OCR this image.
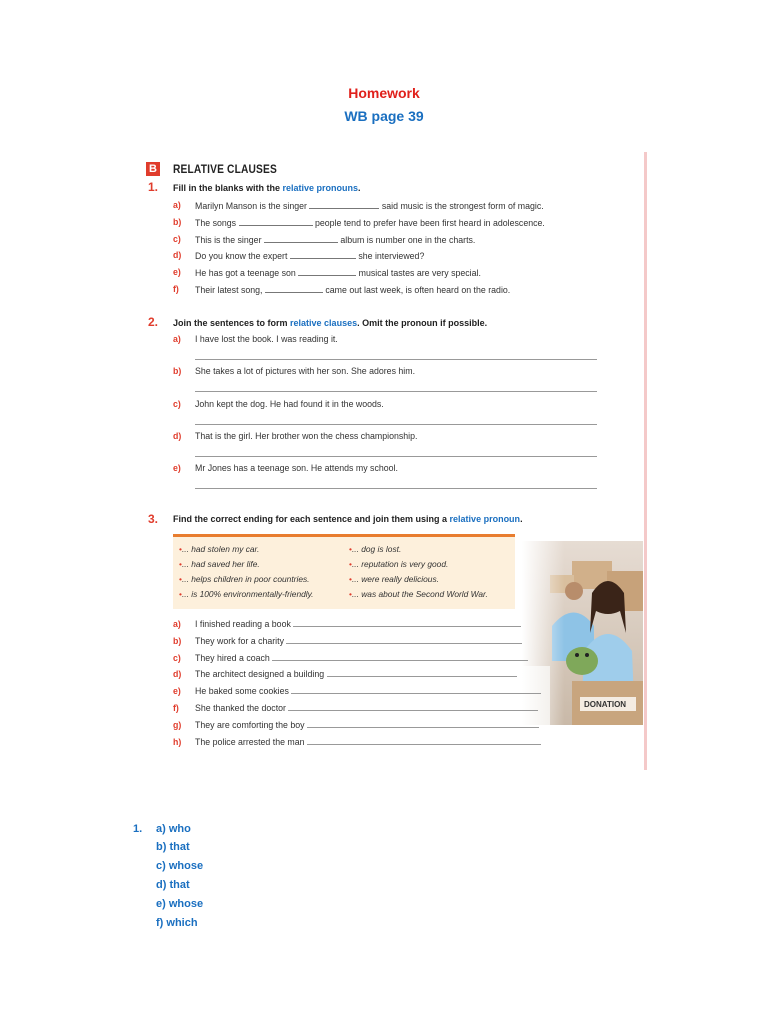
Homework
WB page 39
B RELATIVE CLAUSES
1. Fill in the blanks with the relative pronouns.
a) Marilyn Manson is the singer	said music is the strongest form of magic.
b) The songs	people tend to prefer have been first heard in adolescence.
c) This is the singer	album is number one in the charts.
d) Do you know the expert	she interviewed?
e) He has got a teenage son	musical tastes are very special.
f) Their latest song,	came out last week, is often heard on the radio.
2. Join the sentences to form relative clauses. Omit the pronoun if possible.
a) I have lost the book. I was reading it.
b) She takes a lot of pictures with her son. She adores him.
c) John kept the dog. He had found it in the woods.
d) That is the girl. Her brother won the chess championship.
e) Mr Jones has a teenage son. He attends my school.
3. Find the correct ending for each sentence and join them using a relative pronoun.
•... had stolen my car.
•... had saved her life.
•... helps children in poor countries.
•... is 100% environmentally-friendly.
•... dog is lost.
•... reputation is very good.
•... were really delicious.
•... was about the Second World War.
a) I finished reading a book
b) They work for a charity
c) They hired a coach
d) The architect designed a building
e) He baked some cookies
f) She thanked the doctor
g) They are comforting the boy
h) The police arrested the man
1. a) who
b) that
c) whose
d) that
e) whose
f) which
